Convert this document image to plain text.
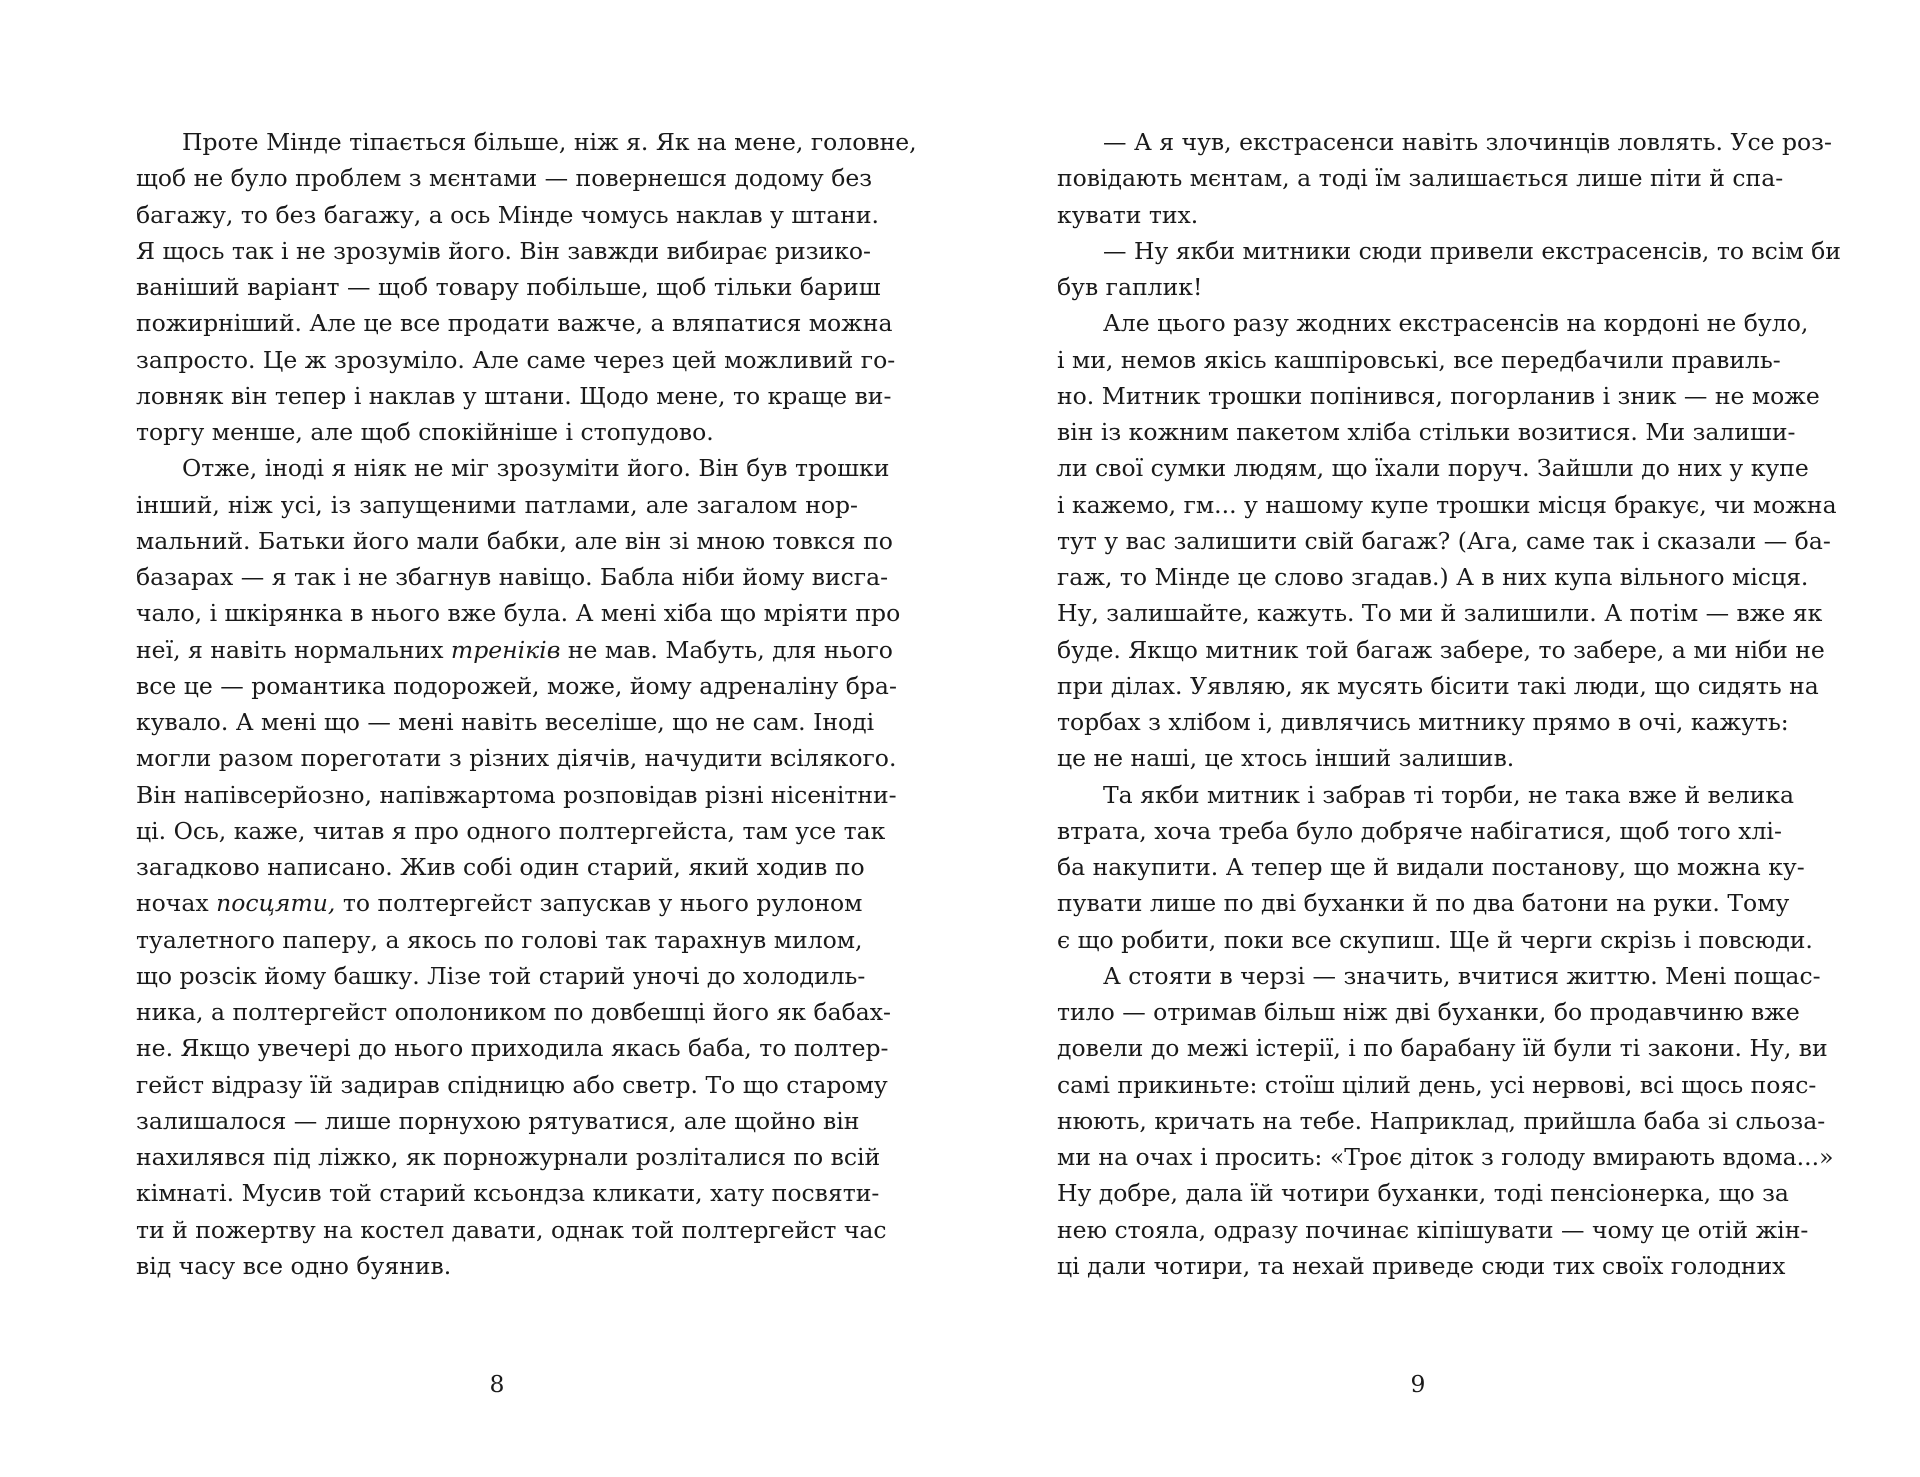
Проте Мінде тіпається більше, ніж я. Як на мене, головне,
щоб не було проблем з мєнтами — повернешся додому без
багажу, то без багажу, а ось Мінде чомусь наклав у штани.
Я щось так і не зрозумів його. Він завжди вибирає ризико-
ваніший варіант — щоб товару побільше, щоб тільки бариш
пожирніший. Але це все продати важче, а вляпатися можна
запросто. Це ж зрозуміло. Але саме через цей можливий го-
ловняк він тепер і наклав у штани. Щодо мене, то краще ви-
торгу менше, але щоб спокійніше і стопудово.
Отже, іноді я ніяк не міг зрозуміти його. Він був трошки
інший, ніж усі, із запущеними патлами, але загалом нор-
мальний. Батьки його мали бабки, але він зі мною товкся по
базарах — я так і не збагнув навіщо. Бабла ніби йому висга-
чало, і шкірянка в нього вже була. А мені хіба що мріяти про
неї, я навіть нормальних треніків не мав. Мабуть, для нього
все це — романтика подорожей, може, йому адреналіну бра-
кувало. А мені що — мені навіть веселіше, що не сам. Іноді
могли разом пореготати з різних діячів, начудити всілякого.
Він напівсерйозно, напівжартома розповідав різні нісенітни-
ці. Ось, каже, читав я про одного полтергейста, там усе так
загадково написано. Жив собі один старий, який ходив по
ночах посцяти, то полтергейст запускав у нього рулоном
туалетного паперу, а якось по голові так тарахнув милом,
що розсік йому башку. Лізе той старий уночі до холодиль-
ника, а полтергейст ополоником по довбешці його як бабах-
не. Якщо увечері до нього приходила якась баба, то полтер-
гейст відразу їй задирав спідницю або светр. То що старому
залишалося — лише порнухою рятуватися, але щойно він
нахилявся під ліжко, як порножурнали розліталися по всій
кімнаті. Мусив той старий ксьондза кликати, хату посвяти-
ти й пожертву на костел давати, однак той полтергейст час
від часу все одно буянив.
8
— А я чув, екстрасенси навіть злочинців ловлять. Усе роз-
повідають мєнтам, а тоді їм залишається лише піти й спа-
кувати тих.
— Ну якби митники сюди привели екстрасенсів, то всім би
був гаплик!
Але цього разу жодних екстрасенсів на кордоні не було,
і ми, немов якісь кашпіровські, все передбачили правиль-
но. Митник трошки попінився, погорланив і зник — не може
він із кожним пакетом хліба стільки возитися. Ми залиши-
ли свої сумки людям, що їхали поруч. Зайшли до них у купе
і кажемо, гм... у нашому купе трошки місця бракує, чи можна
тут у вас залишити свій багаж? (Ага, саме так і сказали — ба-
гаж, то Мінде це слово згадав.) А в них купа вільного місця.
Ну, залишайте, кажуть. То ми й залишили. А потім — вже як
буде. Якщо митник той багаж забере, то забере, а ми ніби не
при ділах. Уявляю, як мусять бісити такі люди, що сидять на
торбах з хлібом і, дивлячись митнику прямо в очі, кажуть:
це не наші, це хтось інший залишив.
Та якби митник і забрав ті торби, не така вже й велика
втрата, хоча треба було добряче набігатися, щоб того хлі-
ба накупити. А тепер ще й видали постанову, що можна ку-
пувати лише по дві буханки й по два батони на руки. Тому
є що робити, поки все скупиш. Ще й черги скрізь і повсюди.
А стояти в черзі — значить, вчитися життю. Мені пощас-
тило — отримав більш ніж дві буханки, бо продавчиню вже
довели до межі істерії, і по барабану їй були ті закони. Ну, ви
самі прикиньте: стоїш цілий день, усі нервові, всі щось пояс-
нюють, кричать на тебе. Наприклад, прийшла баба зі сльоза-
ми на очах і просить: «Троє діток з голоду вмирають вдома...»
Ну добре, дала їй чотири буханки, тоді пенсіонерка, що за
нею стояла, одразу починає кіпішувати — чому це отій жін-
ці дали чотири, та нехай приведе сюди тих своїх голодних
9
